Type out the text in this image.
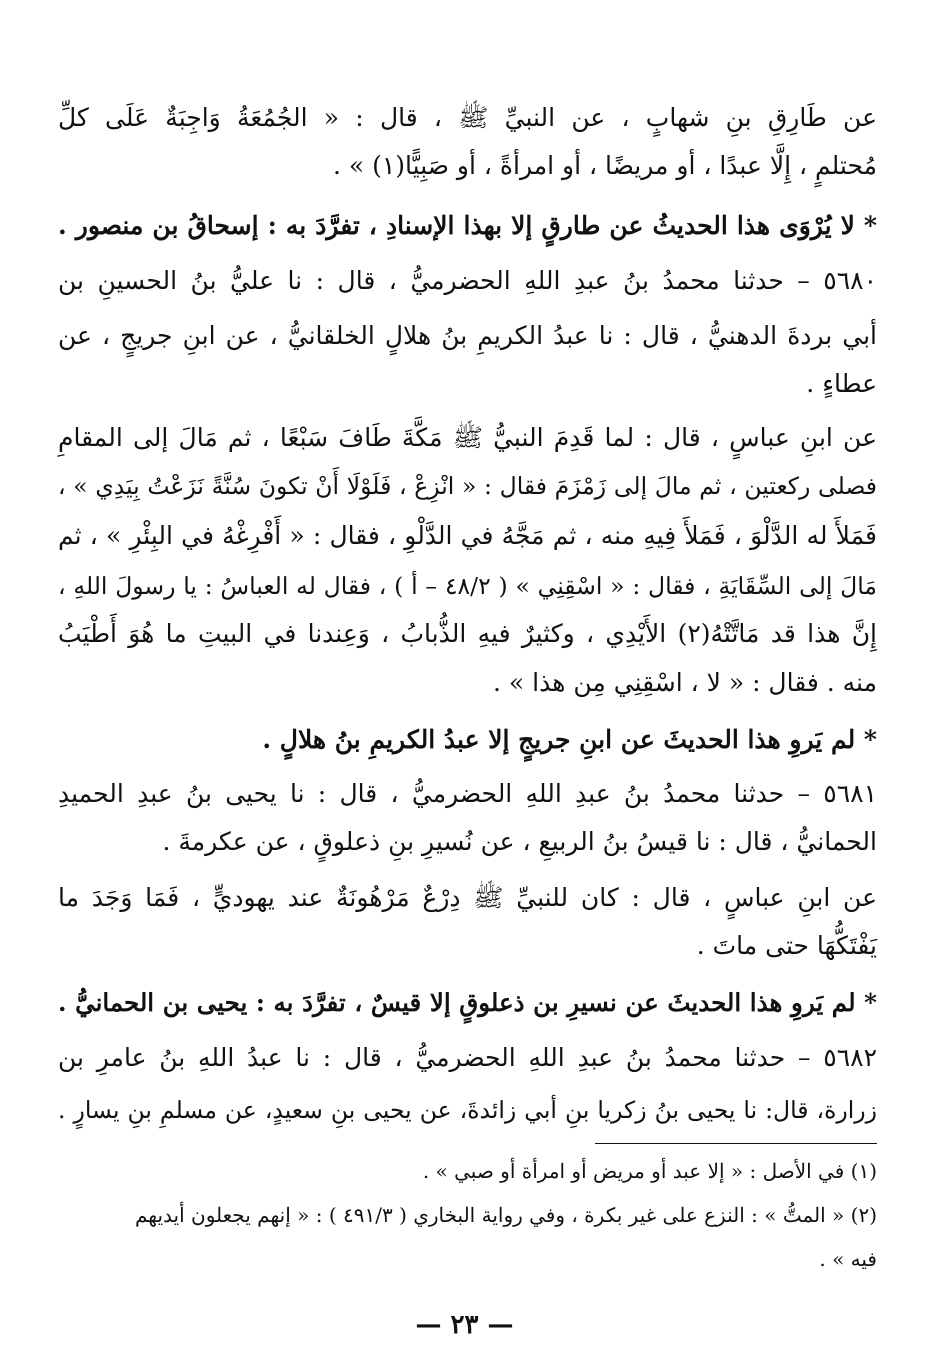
عن طَارِقِ بنِ شهابٍ ، عن النبيِّ ﷺ ، قال : « الجُمُعَةُ وَاجِبَةٌ عَلَى كلِّ
مُحتلمٍ ، إِلَّا عبدًا ، أو مريضًا ، أو امرأةً ، أو صَبِيًّا(١) » .
* لا يُرْوَى هذا الحديثُ عن طارقٍ إلا بهذا الإسنادِ ، تفرَّدَ به : إسحاقُ بن منصور .
٥٦٨٠ – حدثنا محمدُ بنُ عبدِ اللهِ الحضرميُّ ، قال : نا عليُّ بنُ الحسينِ بن
أبي بردةَ الدهنيُّ ، قال : نا عبدُ الكريمِ بنُ هلالٍ الخلقانيُّ ، عن ابنِ جريجٍ ، عن
عطاءٍ .
عن ابنِ عباسٍ ، قال : لما قَدِمَ النبيُّ ﷺ مَكَّةَ طَافَ سَبْعًا ، ثم مَالَ إلى المقامِ
فصلى ركعتين ، ثم مالَ إلى زَمْزَمَ فقال : « انْزِعْ ، فَلَوْلَا أَنْ تكونَ سُنَّةً نَزَعْتُ بِيَدِي » ،
فَمَلأَ له الدَّلْوَ ، فَمَلأَ فِيهِ منه ، ثم مَجَّهُ في الدَّلْوِ ، فقال : « أَفْرِغْهُ في البِئْرِ » ، ثم
مَالَ إلى السِّقَايَةِ ، فقال : « اسْقِنِي » ( ٤٨/٢ – أ ) ، فقال له العباسُ : يا رسولَ اللهِ ،
إِنَّ هذا قد مَاتَّتْهُ(٢) الأَيْدِي ، وكثيرٌ فيهِ الذُّبابُ ، وَعِندنا في البيتِ ما هُوَ أَطْيَبُ
منه . فقال : « لا ، اسْقِنِي مِن هذا » .
* لم يَروِ هذا الحديثَ عن ابنِ جريجٍ إلا عبدُ الكريمِ بنُ هلالٍ .
٥٦٨١ – حدثنا محمدُ بنُ عبدِ اللهِ الحضرميُّ ، قال : نا يحيى بنُ عبدِ الحميدِ
الحمانيُّ ، قال : نا قيسُ بنُ الربيعِ ، عن نُسيرِ بنِ ذعلوقٍ ، عن عكرمةَ .
عن ابنِ عباسٍ ، قال : كان للنبيِّ ﷺ دِرْعٌ مَرْهُونَةٌ عند يهوديٍّ ، فَمَا وَجَدَ ما
يَفْتَكُّهَا حتى ماتَ .
* لم يَروِ هذا الحديثَ عن نسيرِ بن ذعلوقٍ إلا قيسٌ ، تفرَّدَ به : يحيى بن الحمانيُّ .
٥٦٨٢ – حدثنا محمدُ بنُ عبدِ اللهِ الحضرميُّ ، قال : نا عبدُ اللهِ بنُ عامرِ بن
زرارة، قال: نا يحيى بنُ زكريا بنِ أبي زائدةَ، عن يحيى بنِ سعيدٍ، عن مسلمِ بنِ يسارٍ .
(١) في الأصل : « إلا عبد أو مريض أو امرأة أو صبي » .
(٢) « المتُّ » : النزع على غير بكرة ، وفي رواية البخاري ( ٤٩١/٣ ) : « إنهم يجعلون أيديهم
فيه » .
— ٢٣ —
